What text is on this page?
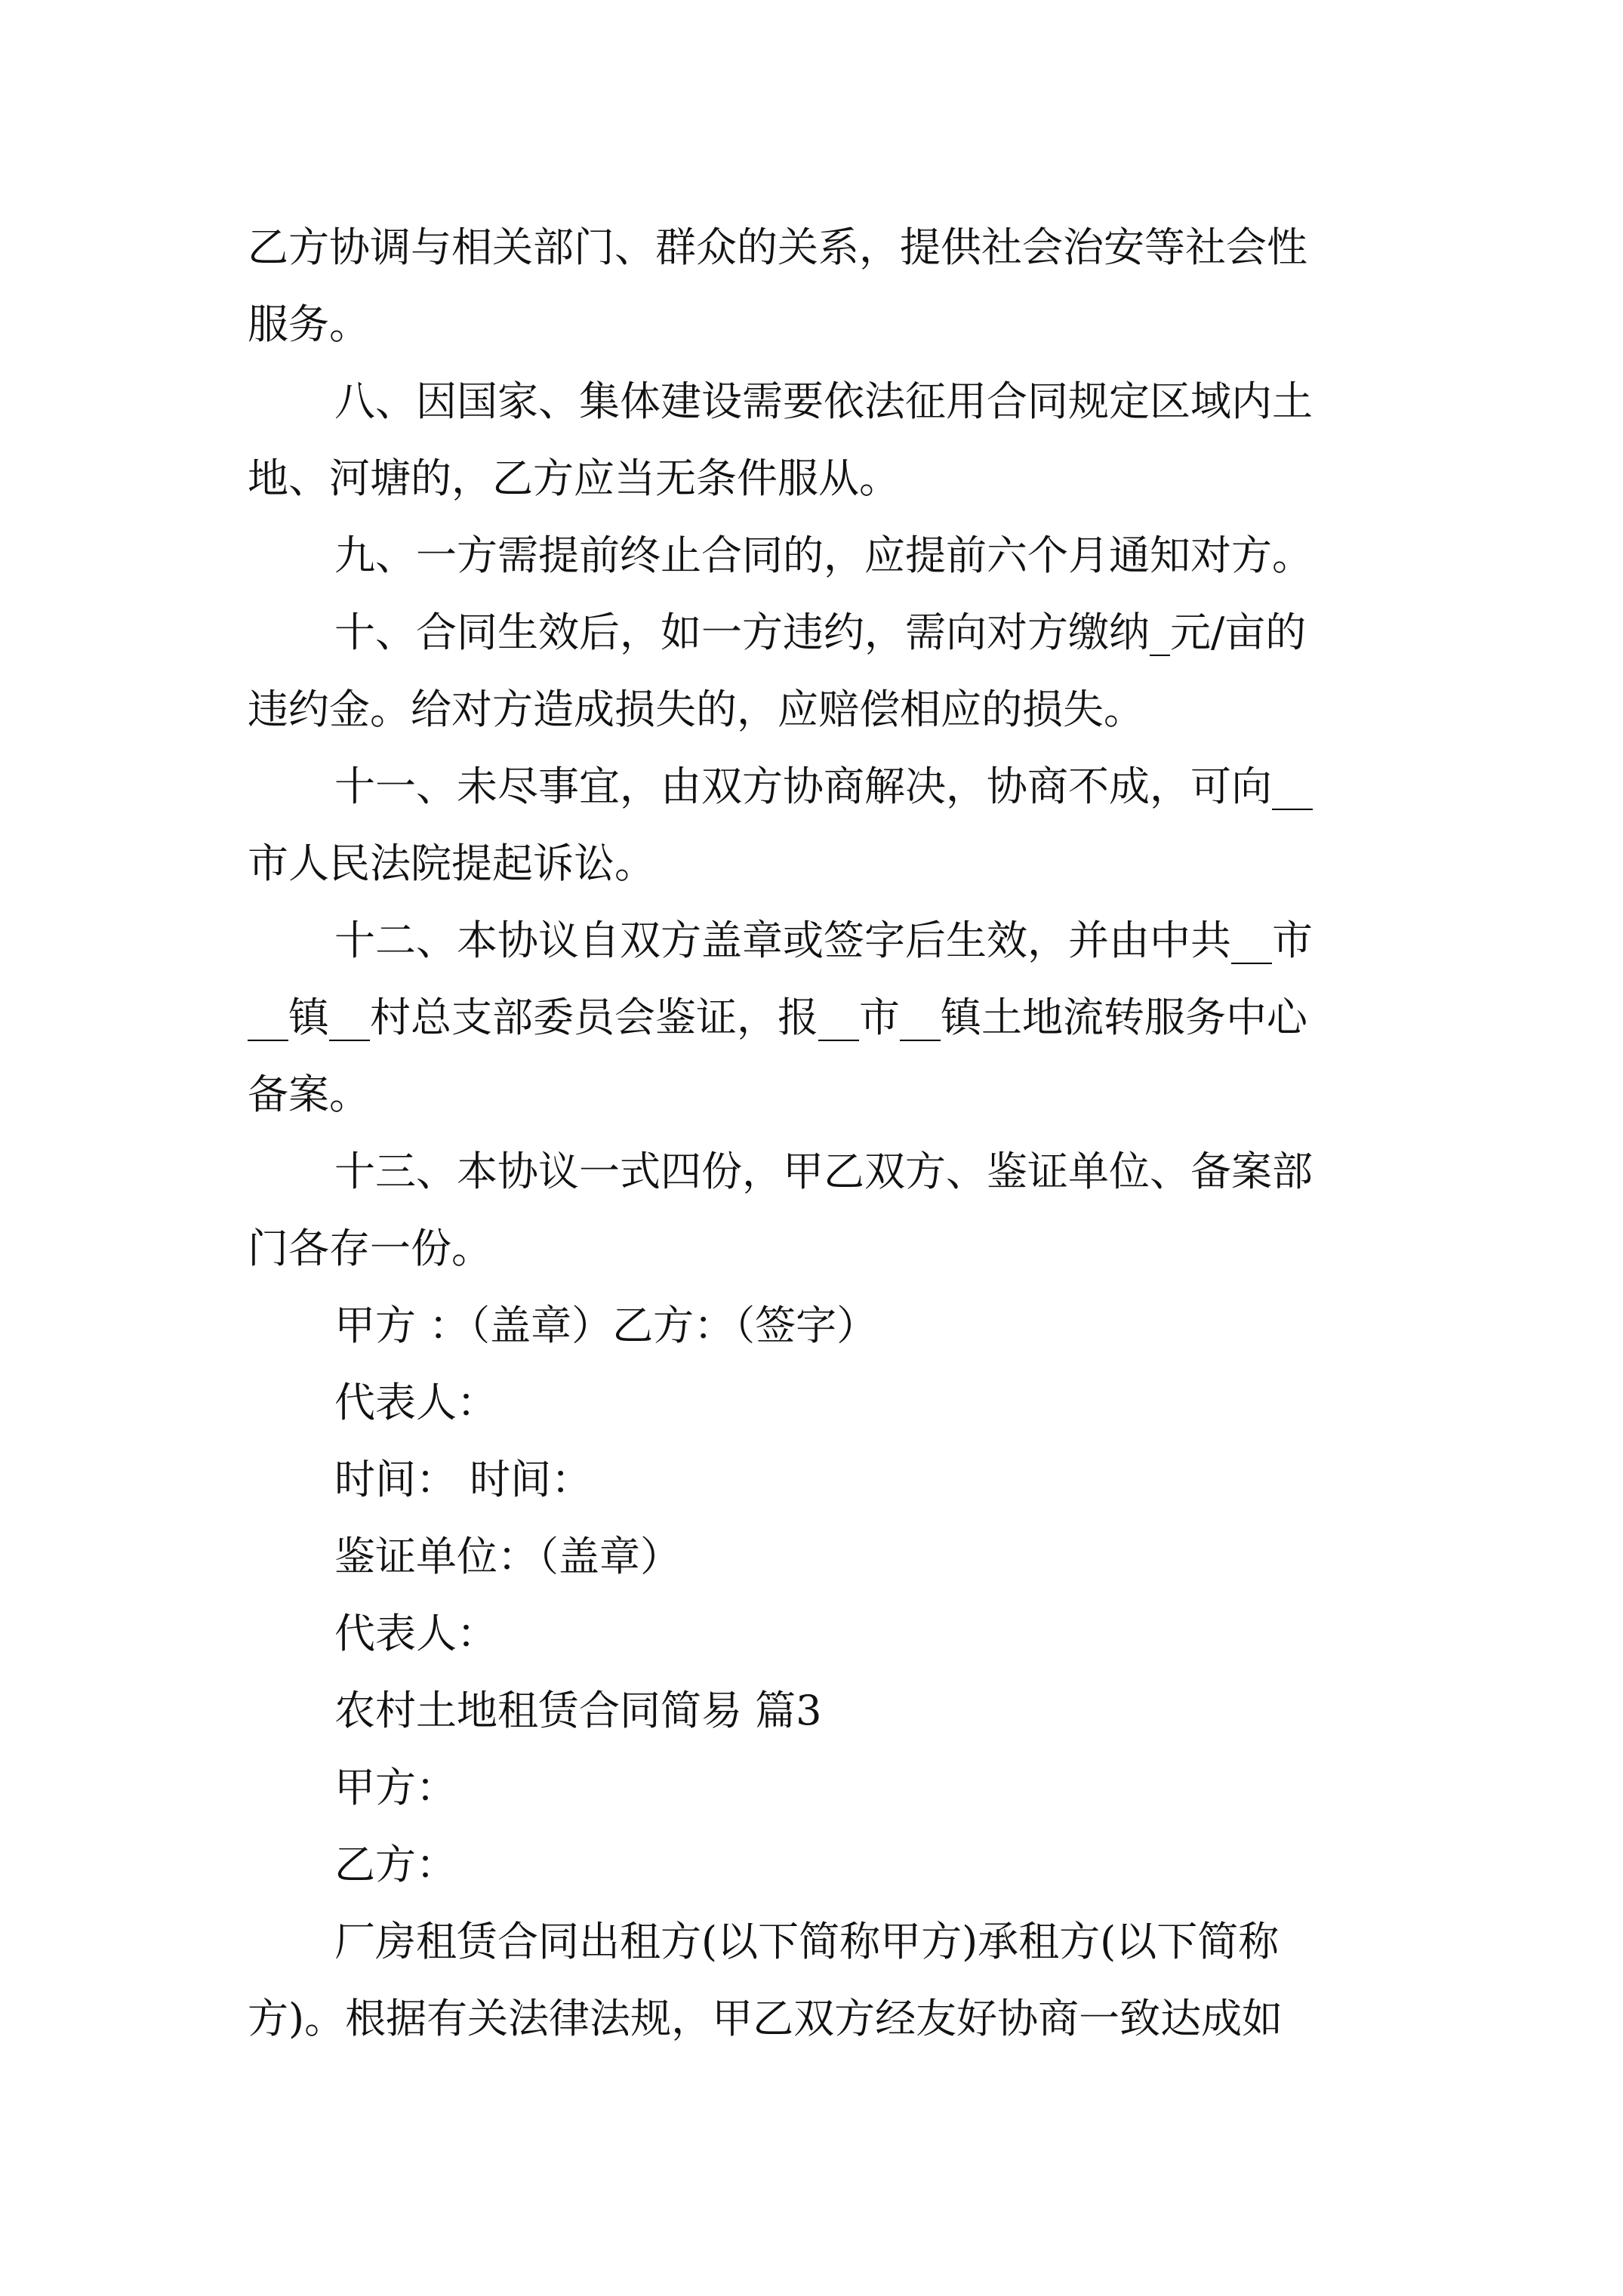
乙方协调与相关部门、群众的关系，提供社会治安等社会性
服务。
八、因国家、集体建设需要依法征用合同规定区域内土
地、河塘的，乙方应当无条件服从。
九、一方需提前终止合同的，应提前六个月通知对方。
十、合同生效后，如一方违约，需向对方缴纳_元/亩的
违约金。给对方造成损失的，应赔偿相应的损失。
十一、未尽事宜，由双方协商解决，协商不成，可向__
市人民法院提起诉讼。
十二、本协议自双方盖章或签字后生效，并由中共__市
__镇__村总支部委员会鉴证，报__市__镇土地流转服务中心
备案。
十三、本协议一式四份，甲乙双方、鉴证单位、备案部
门各存一份。
甲方 ：（盖章）乙方：（签字）
代表人：
时间： 时间：
鉴证单位：（盖章）
代表人：
农村土地租赁合同简易 篇3
甲方：
乙方：
厂房租赁合同出租方(以下简称甲方)承租方(以下简称
方)。根据有关法律法规，甲乙双方经友好协商一致达成如
